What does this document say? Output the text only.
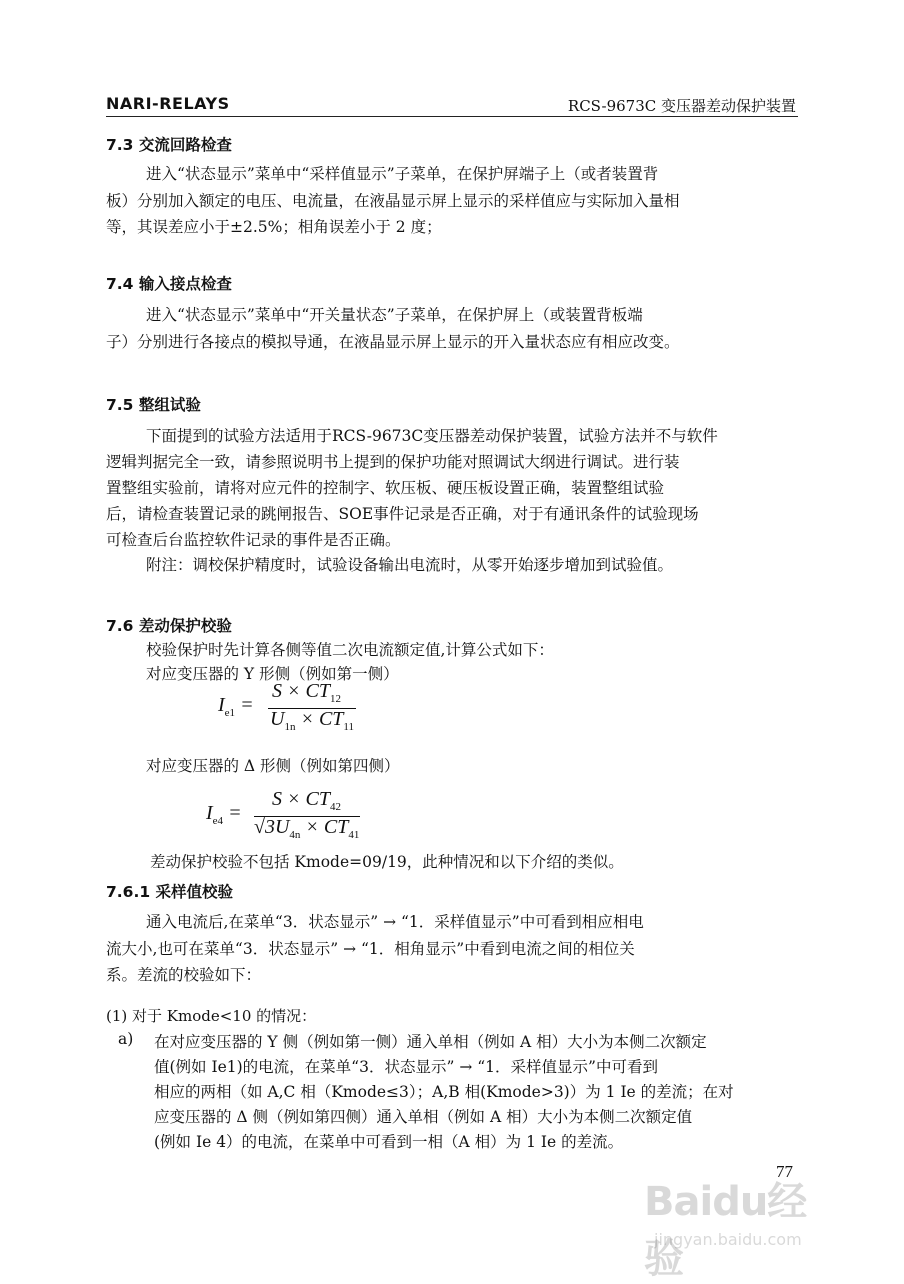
NARI-RELAYS	RCS-9673C 变压器差动保护装置
7.3 交流回路检查
进入“状态显示”菜单中“采样值显示”子菜单，在保护屏端子上（或者装置背
板）分别加入额定的电压、电流量，在液晶显示屏上显示的采样值应与实际加入量相
等，其误差应小于±2.5%；相角误差小于 2 度；
7.4 输入接点检查
进入“状态显示”菜单中“开关量状态”子菜单，在保护屏上（或装置背板端
子）分别进行各接点的模拟导通，在液晶显示屏上显示的开入量状态应有相应改变。
7.5 整组试验
下面提到的试验方法适用于RCS-9673C变压器差动保护装置，试验方法并不与软件
逻辑判据完全一致，请参照说明书上提到的保护功能对照调试大纲进行调试。进行装
置整组实验前，请将对应元件的控制字、软压板、硬压板设置正确，装置整组试验
后，请检查装置记录的跳闸报告、SOE事件记录是否正确，对于有通讯条件的试验现场
可检查后台监控软件记录的事件是否正确。
附注：调校保护精度时，试验设备输出电流时，从零开始逐步增加到试验值。
7.6 差动保护校验
校验保护时先计算各侧等值二次电流额定值,计算公式如下：
对应变压器的 Y 形侧（例如第一侧）
$I_{e1}$ =
$S \times CT_{12}$
$U_{1n} \times CT_{11}$
对应变压器的 Δ 形侧（例如第四侧）
$I_{e4}$ =
$S \times CT_{42}$
$√3U_{4n} \times CT_{41}$
差动保护校验不包括 Kmode=09/19，此种情况和以下介绍的类似。
7.6.1 采样值校验
通入电流后,在菜单“3．状态显示” → “1．采样值显示”中可看到相应相电
流大小,也可在菜单“3．状态显示” → “1．相角显示”中看到电流之间的相位关
系。差流的校验如下：
(1) 对于 Kmode<10 的情况：
a) 在对应变压器的 Y 侧（例如第一侧）通入单相（例如 A 相）大小为本侧二次额定
值(例如 Ie1)的电流，在菜单“3．状态显示” → “1．采样值显示”中可看到
相应的两相（如 A,C 相（Kmode≤3）；A,B 相(Kmode>3)）为 1 Ie 的差流；在对
应变压器的 Δ 侧（例如第四侧）通入单相（例如 A 相）大小为本侧二次额定值
(例如 Ie 4）的电流，在菜单中可看到一相（A 相）为 1 Ie 的差流。
77
Baidu经验
jingyan.baidu.com
